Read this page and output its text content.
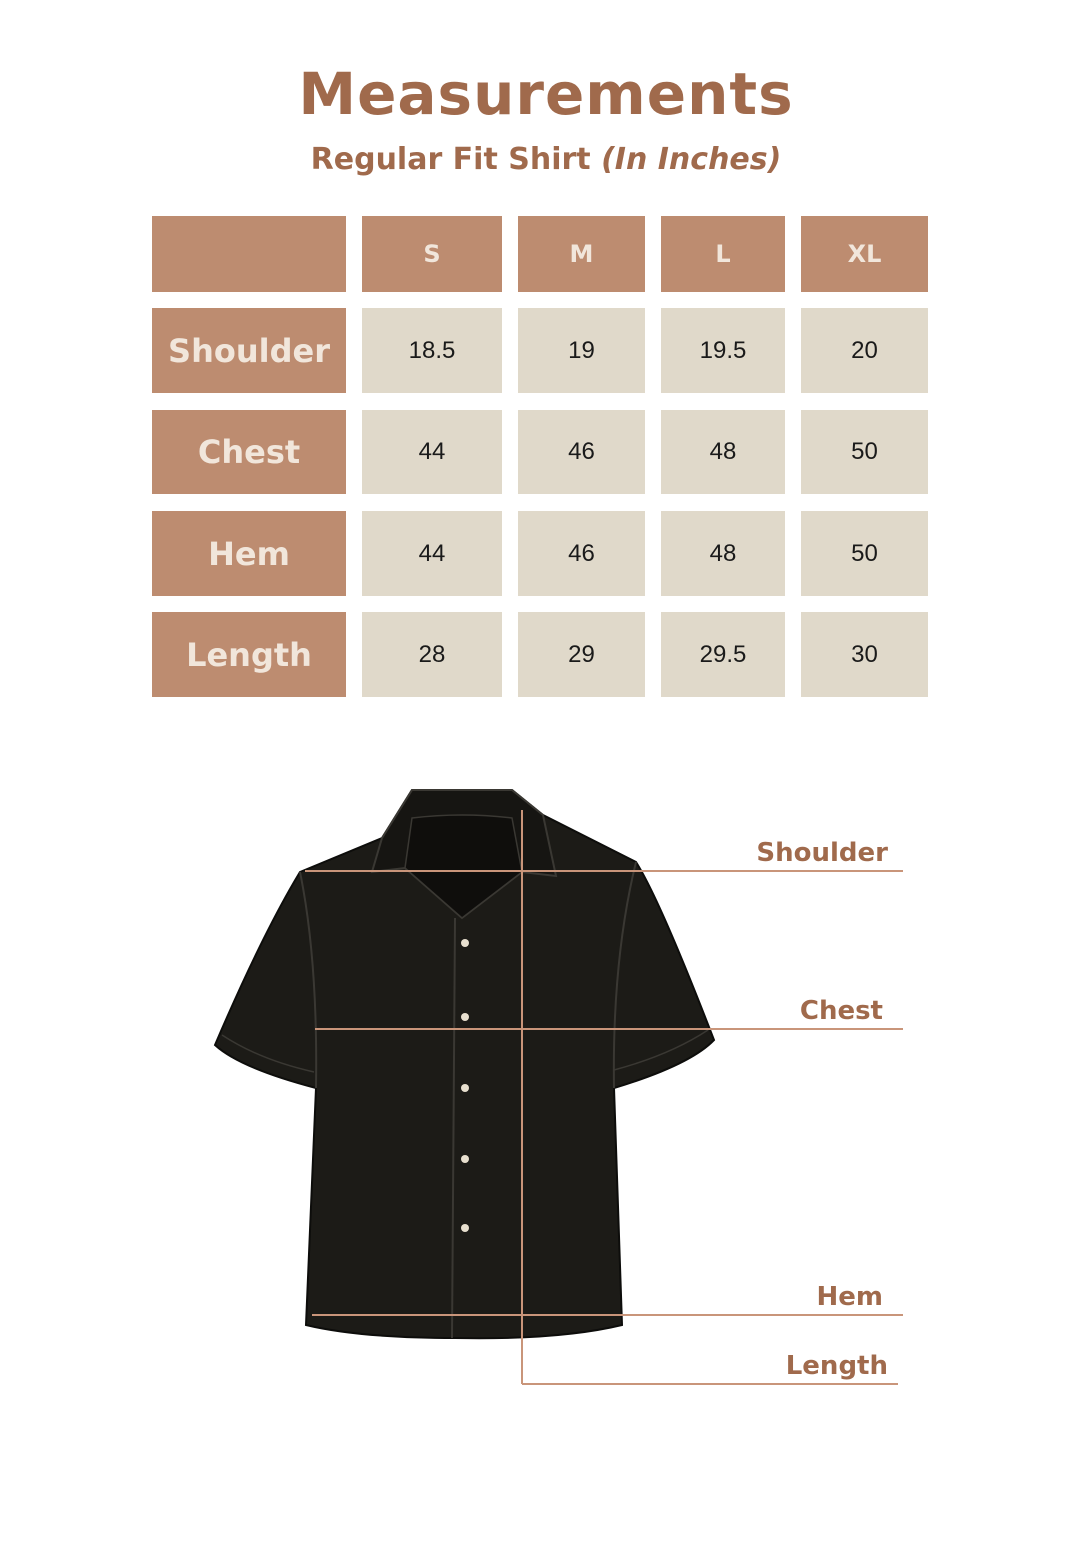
Measurements
Regular Fit Shirt (In Inches)
S	M	L	XL
Shoulder	18.5	19	19.5	20
Chest	44	46	48	50
Hem	44	46	48	50
Length	28	29	29.5	30
Shoulder
Chest
Hem
Length
